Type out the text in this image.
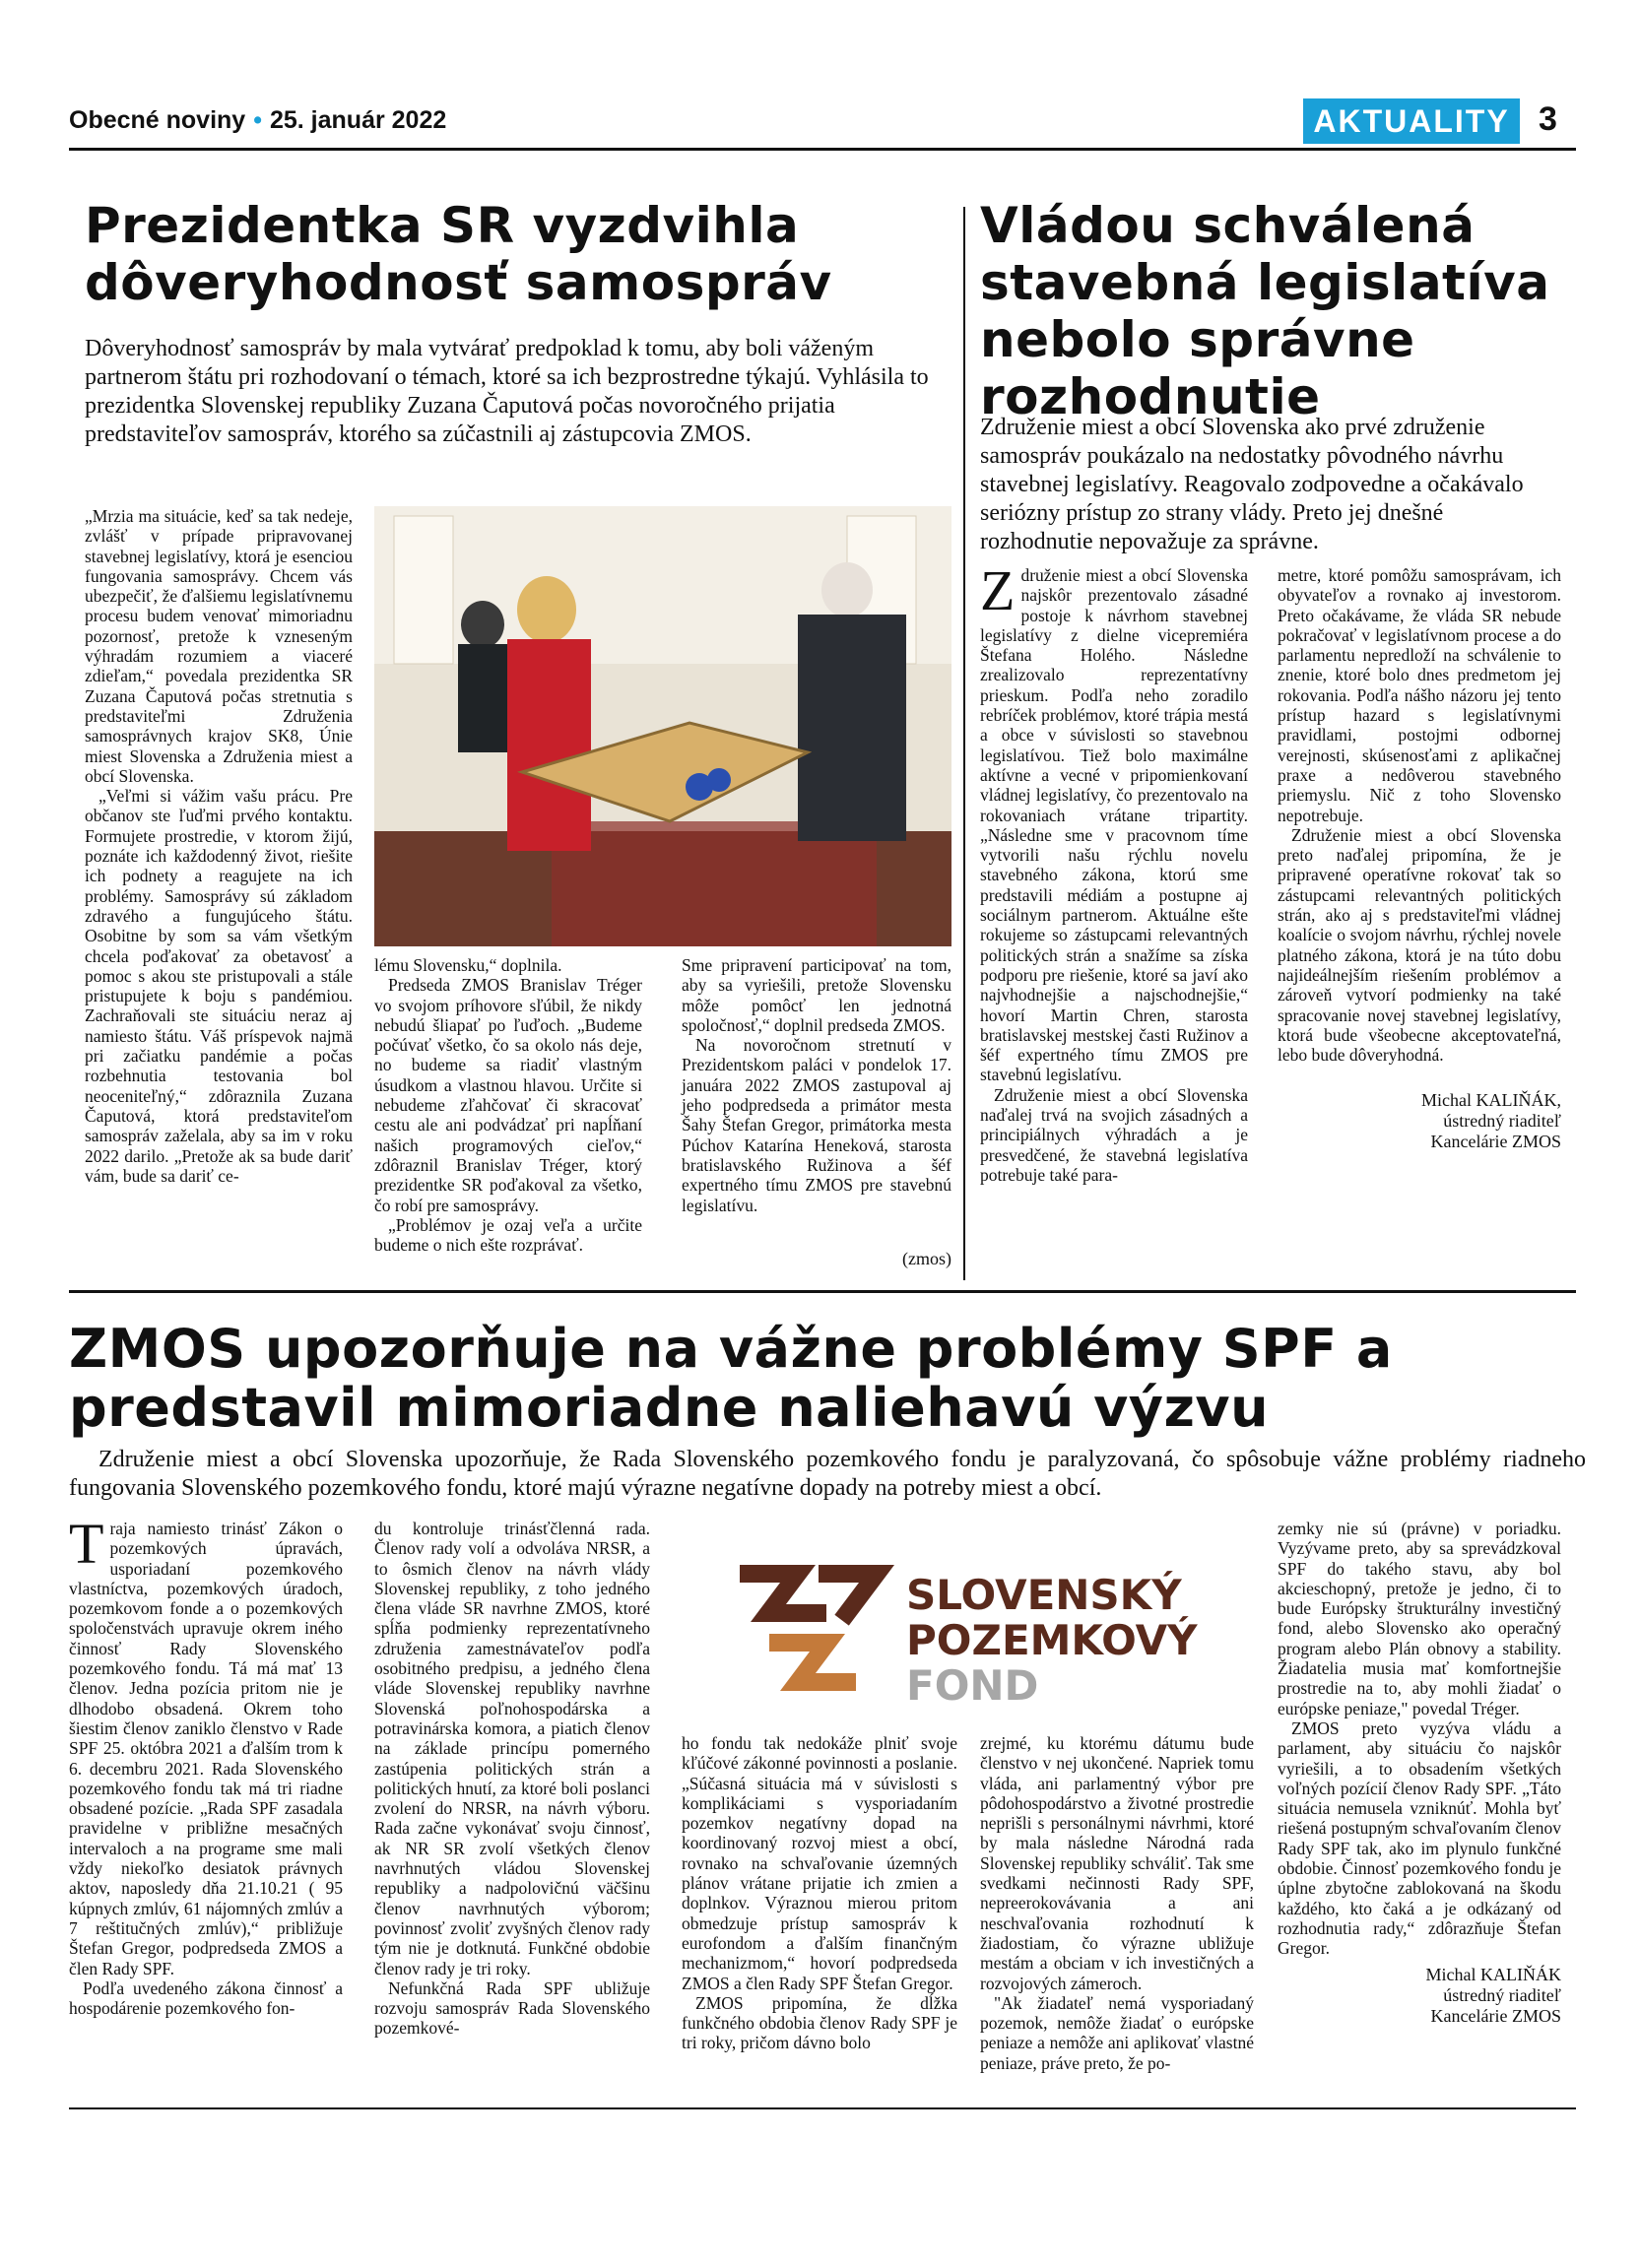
Obecné noviny • 25. január 2022	AKTUALITY 3
Prezidentka SR vyzdvihla dôveryhodnosť samospráv
Dôveryhodnosť samospráv by mala vytvárať predpoklad k tomu, aby boli váženým partnerom štátu pri rozhodovaní o témach, ktoré sa ich bezprostredne týkajú. Vyhlásila to prezidentka Slovenskej republiky Zuzana Čaputová počas novoročného prijatia predstaviteľov samospráv, ktorého sa zúčastnili aj zástupcovia ZMOS.

„Mrzia ma situácie, keď sa tak nedeje, zvlášť v prípade pripravovanej stavebnej legislatívy, ktorá je esenciou fungovania samosprávy. Chcem vás ubezpečiť, že ďalšiemu legislatívnemu procesu budem venovať mimoriadnu pozornosť, pretože k vzneseným výhradám rozumiem a viaceré zdieľam,“ povedala prezidentka SR Zuzana Čaputová počas stretnutia s predstaviteľmi Združenia samosprávnych krajov SK8, Únie miest Slovenska a Združenia miest a obcí Slovenska.

„Veľmi si vážim vašu prácu. Pre občanov ste ľuďmi prvého kontaktu. Formujete prostredie, v ktorom žijú, poznáte ich každodenný život, riešite ich podnety a reagujete na ich problémy. Samosprávy sú základom zdravého a fungujúceho štátu. Osobitne by som sa vám všetkým chcela poďakovať za obetavosť a pomoc s akou ste pristupovali a stále pristupujete k boju s pandémiou. Zachraňovali ste situáciu neraz aj namiesto štátu. Váš príspevok najmä pri začiatku pandémie a počas rozbehnutia testovania bol neoceniteľný,“ zdôraznila Zuzana Čaputová, ktorá predstaviteľom samospráv zaželala, aby sa im v roku 2022 darilo. „Pretože ak sa bude dariť vám, bude sa dariť ce-

lému Slovensku,“ doplnila.

Predseda ZMOS Branislav Tréger vo svojom príhovore sľúbil, že nikdy nebudú šliapať po ľuďoch. „Budeme počúvať všetko, čo sa okolo nás deje, no budeme sa riadiť vlastným úsudkom a vlastnou hlavou. Určite si nebudeme zľahčovať či skracovať cestu ale ani podvádzať pri napĺňaní našich programových cieľov,“ zdôraznil Branislav Tréger, ktorý prezidentke SR poďakoval za všetko, čo robí pre samosprávy.

„Problémov je ozaj veľa a určite budeme o nich ešte rozprávať.

Sme pripravení participovať na tom, aby sa vyriešili, pretože Slovensku môže pomôcť len jednotná spoločnosť,“ doplnil predseda ZMOS.

Na novoročnom stretnutí v Prezidentskom paláci v pondelok 17. januára 2022 ZMOS zastupoval aj jeho podpredseda a primátor mesta Šahy Štefan Gregor, primátorka mesta Púchov Katarína Heneková, starosta bratislavského Ružinova a šéf expertného tímu ZMOS pre stavebnú legislatívu.

(zmos)
Vládou schválená stavebná legislatíva nebolo správne rozhodnutie
Združenie miest a obcí Slovenska ako prvé združenie samospráv poukázalo na nedostatky pôvodného návrhu stavebnej legislatívy. Reagovalo zodpovedne a očakávalo seriózny prístup zo strany vlády. Preto jej dnešné rozhodnutie nepovažuje za správne.

Združenie miest a obcí Slovenska najskôr prezentovalo zásadné postoje k návrhom stavebnej legislatívy z dielne vicepremiéra Štefana Holého. Následne zrealizovalo reprezentatívny prieskum. Podľa neho zoradilo rebríček problémov, ktoré trápia mestá a obce v súvislosti so stavebnou legislatívou. Tiež bolo maximálne aktívne a vecné v pripomienkovaní vládnej legislatívy, čo prezentovalo na rokovaniach vrátane tripartity. „Následne sme v pracovnom tíme vytvorili našu rýchlu novelu stavebného zákona, ktorú sme predstavili médiám a postupne aj sociálnym partnerom. Aktuálne ešte rokujeme so zástupcami relevantných politických strán a snažíme sa získa podporu pre riešenie, ktoré sa javí ako najvhodnejšie a najschodnejšie,“ hovorí Martin Chren, starosta bratislavskej mestskej časti Ružinov a šéf expertného tímu ZMOS pre stavebnú legislatívu.

Združenie miest a obcí Slovenska naďalej trvá na svojich zásadných a principiálnych výhradách a je presvedčené, že stavebná legislatíva potrebuje také para-

metre, ktoré pomôžu samosprávam, ich obyvateľov a rovnako aj investorom. Preto očakávame, že vláda SR nebude pokračovať v legislatívnom procese a do parlamentu nepredloží na schválenie to znenie, ktoré bolo dnes predmetom jej rokovania. Podľa nášho názoru jej tento prístup hazard s legislatívnymi pravidlami, postojmi odbornej verejnosti, skúsenosťami z aplikačnej praxe a nedôverou stavebného priemyslu. Nič z toho Slovensko nepotrebuje.

Združenie miest a obcí Slovenska preto naďalej pripomína, že je pripravené operatívne rokovať tak so zástupcami relevantných politických strán, ako aj s predstaviteľmi vládnej koalície o svojom návrhu, rýchlej novele platného zákona, ktorá je na túto dobu najideálnejším riešením problémov a zároveň vytvorí podmienky na také spracovanie novej stavebnej legislatívy, ktorá bude všeobecne akceptovateľná, lebo bude dôveryhodná.

Michal KALIŇÁK,
ústredný riaditeľ
Kancelárie ZMOS
ZMOS upozorňuje na vážne problémy SPF a predstavil mimoriadne naliehavú výzvu
Združenie miest a obcí Slovenska upozorňuje, že Rada Slovenského pozemkového fondu je paralyzovaná, čo spôsobuje vážne problémy riadneho fungovania Slovenského pozemkového fondu, ktoré majú výrazne negatívne dopady na potreby miest a obcí.

Traja namiesto trinásť Zákon o pozemkových úpravách, usporiadaní pozemkového vlastníctva, pozemkových úradoch, pozemkovom fonde a o pozemkových spoločenstvách upravuje okrem iného činnosť Rady Slovenského pozemkového fondu. Tá má mať 13 členov. Jedna pozícia pritom nie je dlhodobo obsadená. Okrem toho šiestim členov zaniklo členstvo v Rade SPF 25. októbra 2021 a ďalším trom k 6. decembru 2021. Rada Slovenského pozemkového fondu tak má tri riadne obsadené pozície. „Rada SPF zasadala pravidelne v približne mesačných intervaloch a na programe sme mali vždy niekoľko desiatok právnych aktov, naposledy dňa 21.10.21 ( 95 kúpnych zmlúv, 61 nájomných zmlúv a 7 reštitučných zmlúv),“ približuje Štefan Gregor, podpredseda ZMOS a člen Rady SPF.

Podľa uvedeného zákona činnosť a hospodárenie pozemkového fon-

du kontroluje trinásťčlenná rada. Členov rady volí a odvoláva NRSR, a to ôsmich členov na návrh vlády Slovenskej republiky, z toho jedného člena vláde SR navrhne ZMOS, ktoré spĺňa podmienky reprezentatívneho združenia zamestnávateľov podľa osobitného predpisu, a jedného člena vláde Slovenskej republiky navrhne Slovenská poľnohospodárska a potravinárska komora, a piatich členov na základe princípu pomerného zastúpenia politických strán a politických hnutí, za ktoré boli poslanci zvolení do NRSR, na návrh výboru. Rada začne vykonávať svoju činnosť, ak NR SR zvolí všetkých členov navrhnutých vládou Slovenskej republiky a nadpolovičnú väčšinu členov navrhnutých výborom; povinnosť zvoliť zvyšných členov rady tým nie je dotknutá. Funkčné obdobie členov rady je tri roky.

Nefunkčná Rada SPF ubližuje rozvoju samospráv Rada Slovenského pozemkové-

SLOVENSKÝ
POZEMKOVÝ
FOND

ho fondu tak nedokáže plniť svoje kľúčové zákonné povinnosti a poslanie. „Súčasná situácia má v súvislosti s komplikáciami s vysporiadaním pozemkov negatívny dopad na koordinovaný rozvoj miest a obcí, rovnako na schvaľovanie územných plánov vrátane prijatie ich zmien a doplnkov. Výraznou mierou pritom obmedzuje prístup samospráv k eurofondom a ďalším finančným mechanizmom,“ hovorí podpredseda ZMOS a člen Rady SPF Štefan Gregor.

ZMOS pripomína, že dĺžka funkčného obdobia členov Rady SPF je tri roky, pričom dávno bolo

zrejmé, ku ktorému dátumu bude členstvo v nej ukončené. Napriek tomu vláda, ani parlamentný výbor pre pôdohospodárstvo a životné prostredie neprišli s personálnymi návrhmi, ktoré by mala následne Národná rada Slovenskej republiky schváliť. Tak sme svedkami nečinnosti Rady SPF, nepreerokovávania a ani neschvaľovania rozhodnutí k žiadostiam, čo výrazne ubližuje mestám a obciam v ich investičných a rozvojových zámeroch.

"Ak žiadateľ nemá vysporiadaný pozemok, nemôže žiadať o európske peniaze a nemôže ani aplikovať vlastné peniaze, práve preto, že po-

zemky nie sú (právne) v poriadku. Vyzývame preto, aby sa sprevádzkoval SPF do takého stavu, aby bol akcieschopný, pretože je jedno, či to bude Európsky štrukturálny investičný fond, alebo Slovensko ako operačný program alebo Plán obnovy a stability. Žiadatelia musia mať komfortnejšie prostredie na to, aby mohli žiadať o európske peniaze," povedal Tréger.

ZMOS preto vyzýva vládu a parlament, aby situáciu čo najskôr vyriešili, a to obsadením všetkých voľných pozícií členov Rady SPF. „Táto situácia nemusela vzniknúť. Mohla byť riešená postupným schvaľovaním členov Rady SPF tak, ako im plynulo funkčné obdobie. Činnosť pozemkového fondu je úplne zbytočne zablokovaná na škodu každého, kto čaká a je odkázaný od rozhodnutia rady,“ zdôrazňuje Štefan Gregor.

Michal KALIŇÁK
ústredný riaditeľ
Kancelárie ZMOS
